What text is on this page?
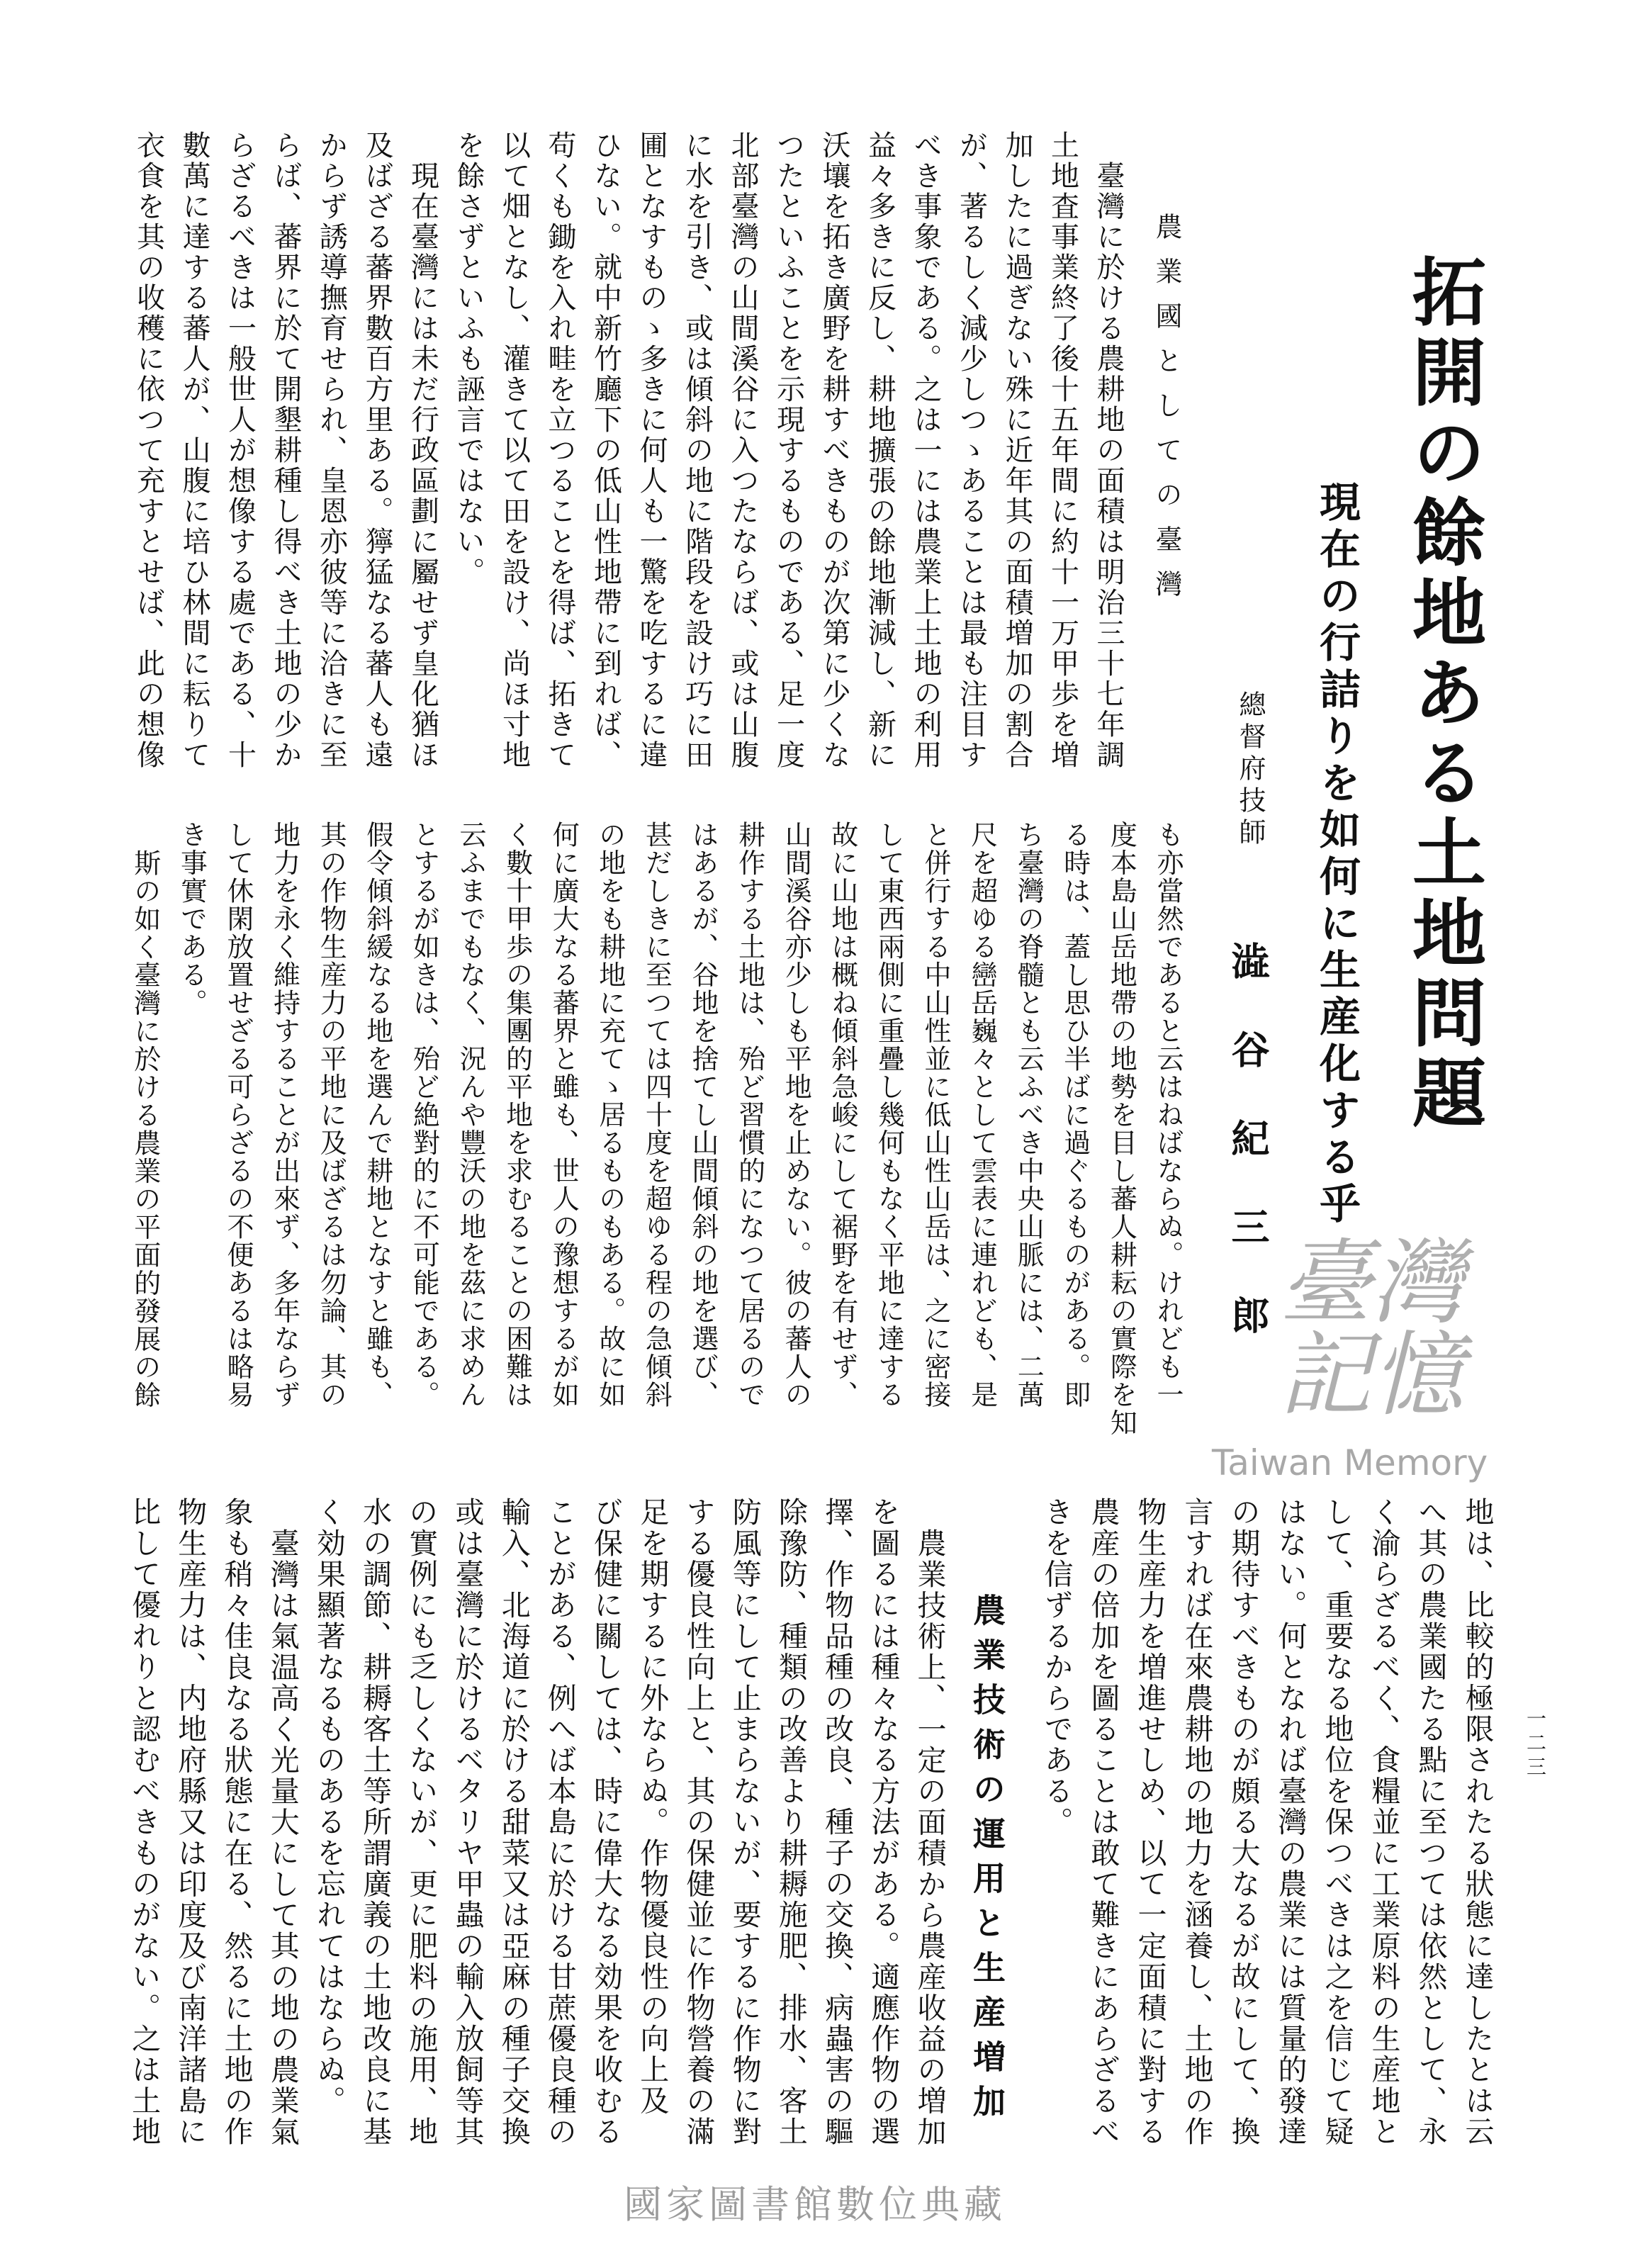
臺灣記憶
Taiwan Memory
國家圖書館數位典藏
拓開の餘地ある土地問題
現在の行詰りを如何に生産化する乎
總督府技師
澁谷紀三郎
一二三
農業國としての臺灣
臺灣に於ける農耕地の面積は明治三十七年調
土地査事業終了後十五年間に約十一万甲歩を増
加したに過ぎない殊に近年其の面積増加の割合
が、著るしく減少しつゝあることは最も注目す
べき事象である。之は一には農業上土地の利用
益々多きに反し、耕地擴張の餘地漸減し、新に
沃壤を拓き廣野を耕すべきものが次第に少くな
つたといふことを示現するものである、足一度
北部臺灣の山間溪谷に入つたならば、或は山腹
に水を引き、或は傾斜の地に階段を設け巧に田
圃となすものゝ多きに何人も一驚を吃するに違
ひない。就中新竹廳下の低山性地帶に到れば、
苟くも鋤を入れ畦を立つることを得ば、拓きて
以て畑となし、灌きて以て田を設け、尚ほ寸地
を餘さずといふも誣言ではない。
現在臺灣には未だ行政區劃に屬せず皇化猶ほ
及ばざる蕃界數百方里ある。獰猛なる蕃人も遠
からず誘導撫育せられ、皇恩亦彼等に洽きに至
らば、蕃界に於て開墾耕種し得べき土地の少か
らざるべきは一般世人が想像する處である、十
數萬に達する蕃人が、山腹に培ひ林間に耘りて
衣食を其の收穫に依つて充すとせば、此の想像
も亦當然であると云はねばならぬ。けれども一
度本島山岳地帶の地勢を目し蕃人耕耘の實際を知
る時は、蓋し思ひ半ばに過ぐるものがある。即
ち臺灣の脊髓とも云ふべき中央山脈には、二萬
尺を超ゆる巒岳巍々として雲表に連れども、是
と併行する中山性並に低山性山岳は、之に密接
して東西兩側に重疊し幾何もなく平地に達する
故に山地は概ね傾斜急峻にして裾野を有せず、
山間溪谷亦少しも平地を止めない。彼の蕃人の
耕作する土地は、殆ど習慣的になつて居るので
はあるが、谷地を捨てし山間傾斜の地を選び、
甚だしきに至つては四十度を超ゆる程の急傾斜
の地をも耕地に充てゝ居るものもある。故に如
何に廣大なる蕃界と雖も、世人の豫想するが如
く數十甲歩の集團的平地を求むることの困難は
云ふまでもなく、況んや豐沃の地を茲に求めん
とするが如きは、殆ど絶對的に不可能である。
假令傾斜緩なる地を選んで耕地となすと雖も、
其の作物生産力の平地に及ばざるは勿論、其の
地力を永く維持することが出來ず、多年ならず
して休閑放置せざる可らざるの不便あるは略易
き事實である。
斯の如く臺灣に於ける農業の平面的發展の餘
農業技術の運用と生産増加	地は、比較的極限されたる狀態に達したとは云
へ其の農業國たる點に至つては依然として、永
く渝らざるべく、食糧並に工業原料の生産地と
して、重要なる地位を保つべきは之を信じて疑
はない。何となれば臺灣の農業には質量的發達
の期待すべきものが頗る大なるが故にして、換
言すれば在來農耕地の地力を涵養し、土地の作
物生産力を増進せしめ、以て一定面積に對する
農産の倍加を圖ることは敢て難きにあらざるべ
きを信ずるからである。
農業技術上、一定の面積から農産收益の増加
を圖るには種々なる方法がある。適應作物の選
擇、作物品種の改良、種子の交換、病蟲害の驅
除豫防、種類の改善より耕耨施肥、排水、客土
防風等にして止まらないが、要するに作物に對
する優良性向上と、其の保健並に作物營養の滿
足を期するに外ならぬ。作物優良性の向上及
び保健に關しては、時に偉大なる効果を收むる
ことがある、例へば本島に於ける甘蔗優良種の
輸入、北海道に於ける甜菜又は亞麻の種子交換
或は臺灣に於けるベタリヤ甲蟲の輸入放飼等其
の實例にも乏しくないが、更に肥料の施用、地
水の調節、耕耨客土等所謂廣義の土地改良に基
く効果顯著なるものあるを忘れてはならぬ。
臺灣は氣温高く光量大にして其の地の農業氣
象も稍々佳良なる狀態に在る、然るに土地の作
物生産力は、内地府縣又は印度及び南洋諸島に
比して優れりと認むべきものがない。之は土地
